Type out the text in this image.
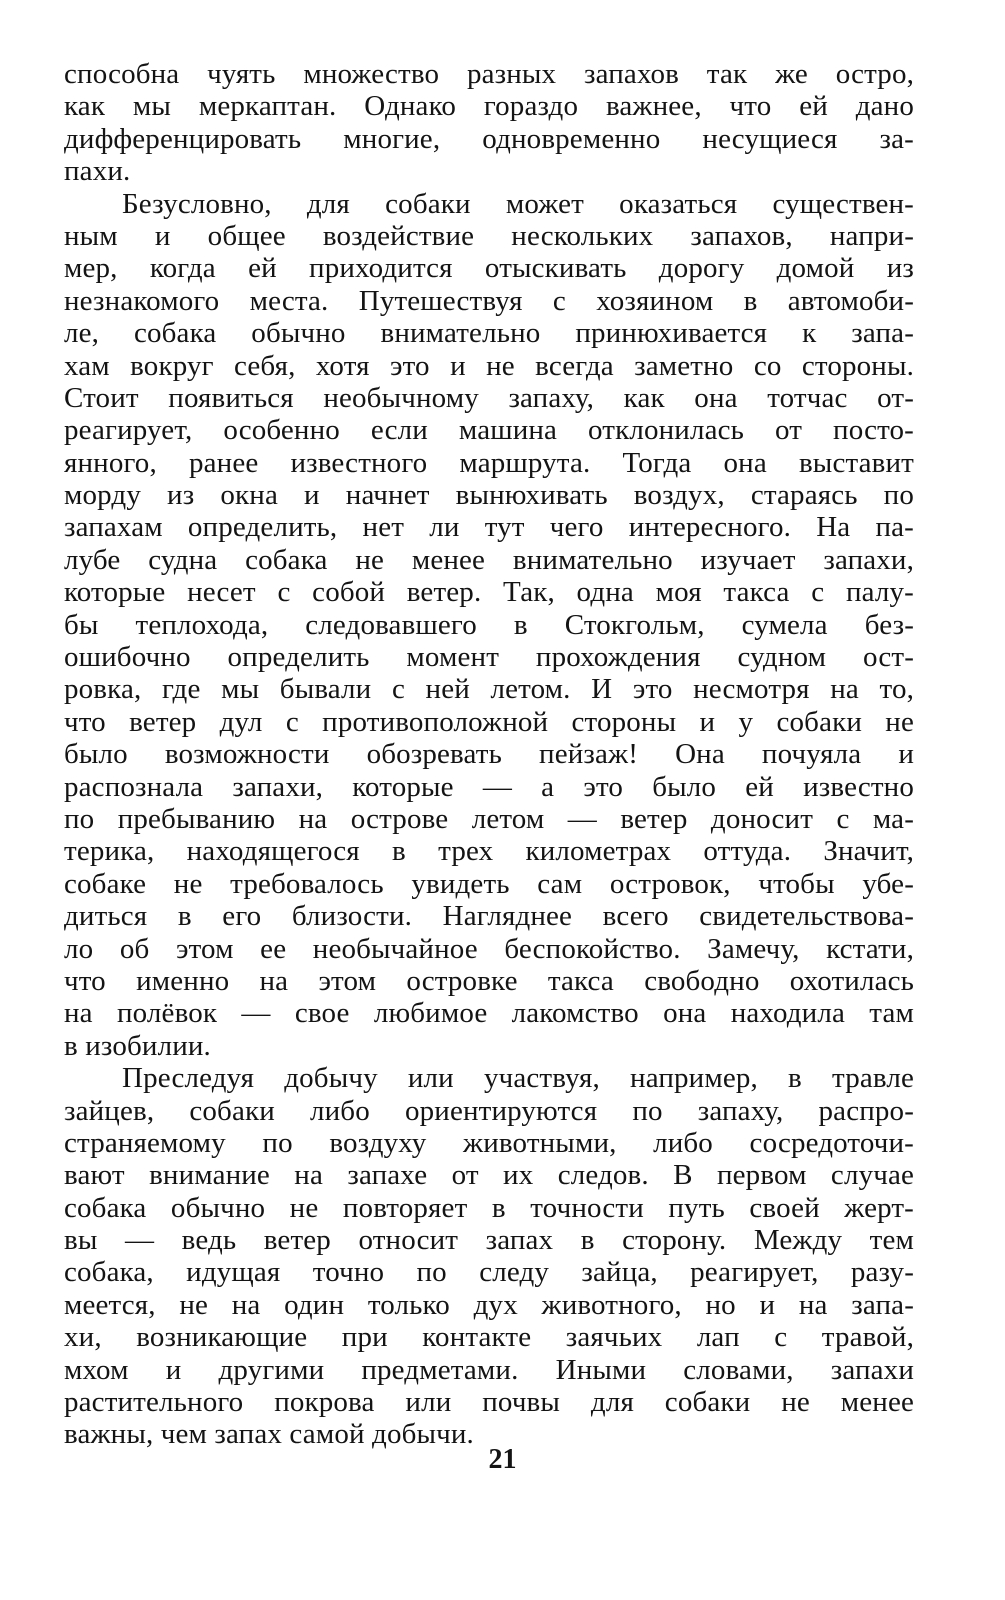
способна чуять множество разных запахов так же остро,
как мы меркаптан. Однако гораздо важнее, что ей дано
дифференцировать многие, одновременно несущиеся за-
пахи.
Безусловно, для собаки может оказаться существен-
ным и общее воздействие нескольких запахов, напри-
мер, когда ей приходится отыскивать дорогу домой из
незнакомого места. Путешествуя с хозяином в автомоби-
ле, собака обычно внимательно принюхивается к запа-
хам вокруг себя, хотя это и не всегда заметно со стороны.
Стоит появиться необычному запаху, как она тотчас от-
реагирует, особенно если машина отклонилась от посто-
янного, ранее известного маршрута. Тогда она выставит
морду из окна и начнет вынюхивать воздух, стараясь по
запахам определить, нет ли тут чего интересного. На па-
лубе судна собака не менее внимательно изучает запахи,
которые несет с собой ветер. Так, одна моя такса с палу-
бы теплохода, следовавшего в Стокгольм, сумела без-
ошибочно определить момент прохождения судном ост-
ровка, где мы бывали с ней летом. И это несмотря на то,
что ветер дул с противоположной стороны и у собаки не
было возможности обозревать пейзаж! Она почуяла и
распознала запахи, которые — а это было ей известно
по пребыванию на острове летом — ветер доносит с ма-
терика, находящегося в трех километрах оттуда. Значит,
собаке не требовалось увидеть сам островок, чтобы убе-
диться в его близости. Нагляднее всего свидетельствова-
ло об этом ее необычайное беспокойство. Замечу, кстати,
что именно на этом островке такса свободно охотилась
на полёвок — свое любимое лакомство она находила там
в изобилии.
Преследуя добычу или участвуя, например, в травле
зайцев, собаки либо ориентируются по запаху, распро-
страняемому по воздуху животными, либо сосредоточи-
вают внимание на запахе от их следов. В первом случае
собака обычно не повторяет в точности путь своей жерт-
вы — ведь ветер относит запах в сторону. Между тем
собака, идущая точно по следу зайца, реагирует, разу-
меется, не на один только дух животного, но и на запа-
хи, возникающие при контакте заячьих лап с травой,
мхом и другими предметами. Иными словами, запахи
растительного покрова или почвы для собаки не менее
важны, чем запах самой добычи.
21
